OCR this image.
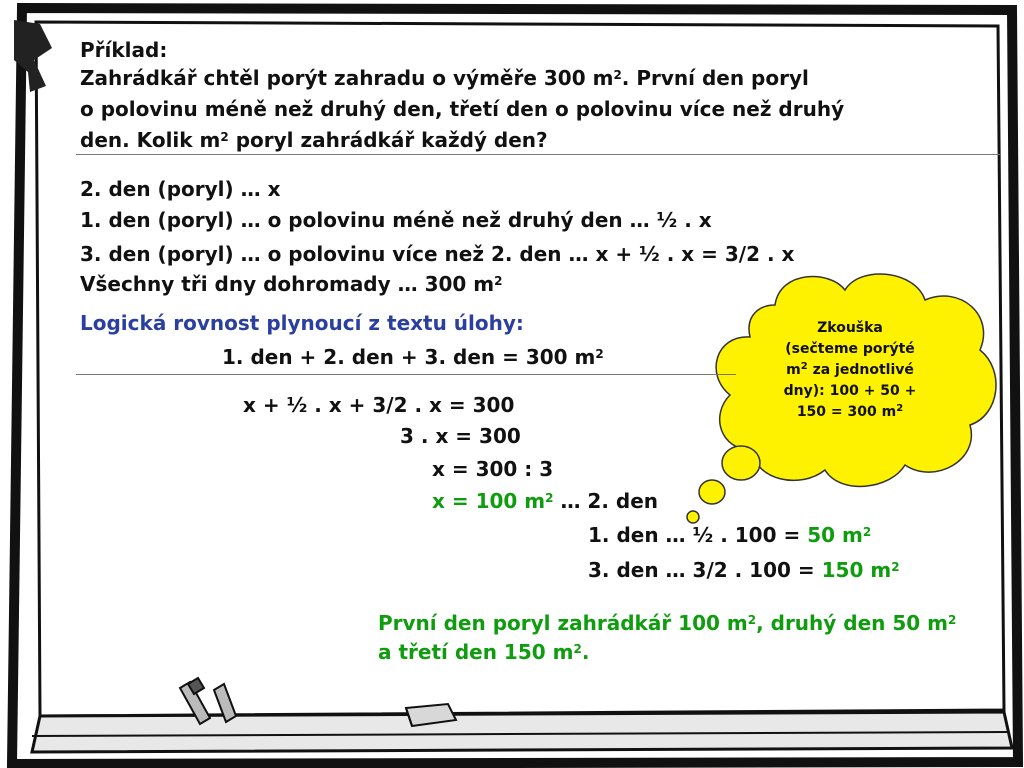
Zkouška
(sečteme porýté
$m^2$ za jednotlivé
dny): 100 + 50 +
150 = 300 $m^2$
Příklad:
Zahrádkář chtěl porýt zahradu o výměře 300 $m^2$. První den poryl
o polovinu méně než druhý den, třetí den o polovinu více než druhý
den. Kolik $m^2$ poryl zahrádkář každý den?
2. den (poryl) … x
1. den (poryl) … o polovinu méně než druhý den … ½ . x
3. den (poryl) … o polovinu více než 2. den … x + ½ . x = 3/2 . x
Všechny tři dny dohromady … 300 $m^2$
Logická rovnost plynoucí z textu úlohy:
1. den + 2. den + 3. den = 300 $m^2$
x + ½ . x + 3/2 . x = 300
3 . x = 300
x = 300 : 3
x = 100 $m^2$ … 2. den
1. den … ½ . 100 = 50 $m^2$
3. den … 3/2 . 100 = 150 $m^2$
První den poryl zahrádkář 100 $m^2$, druhý den 50 $m^2$
a třetí den 150 $m^2$.
